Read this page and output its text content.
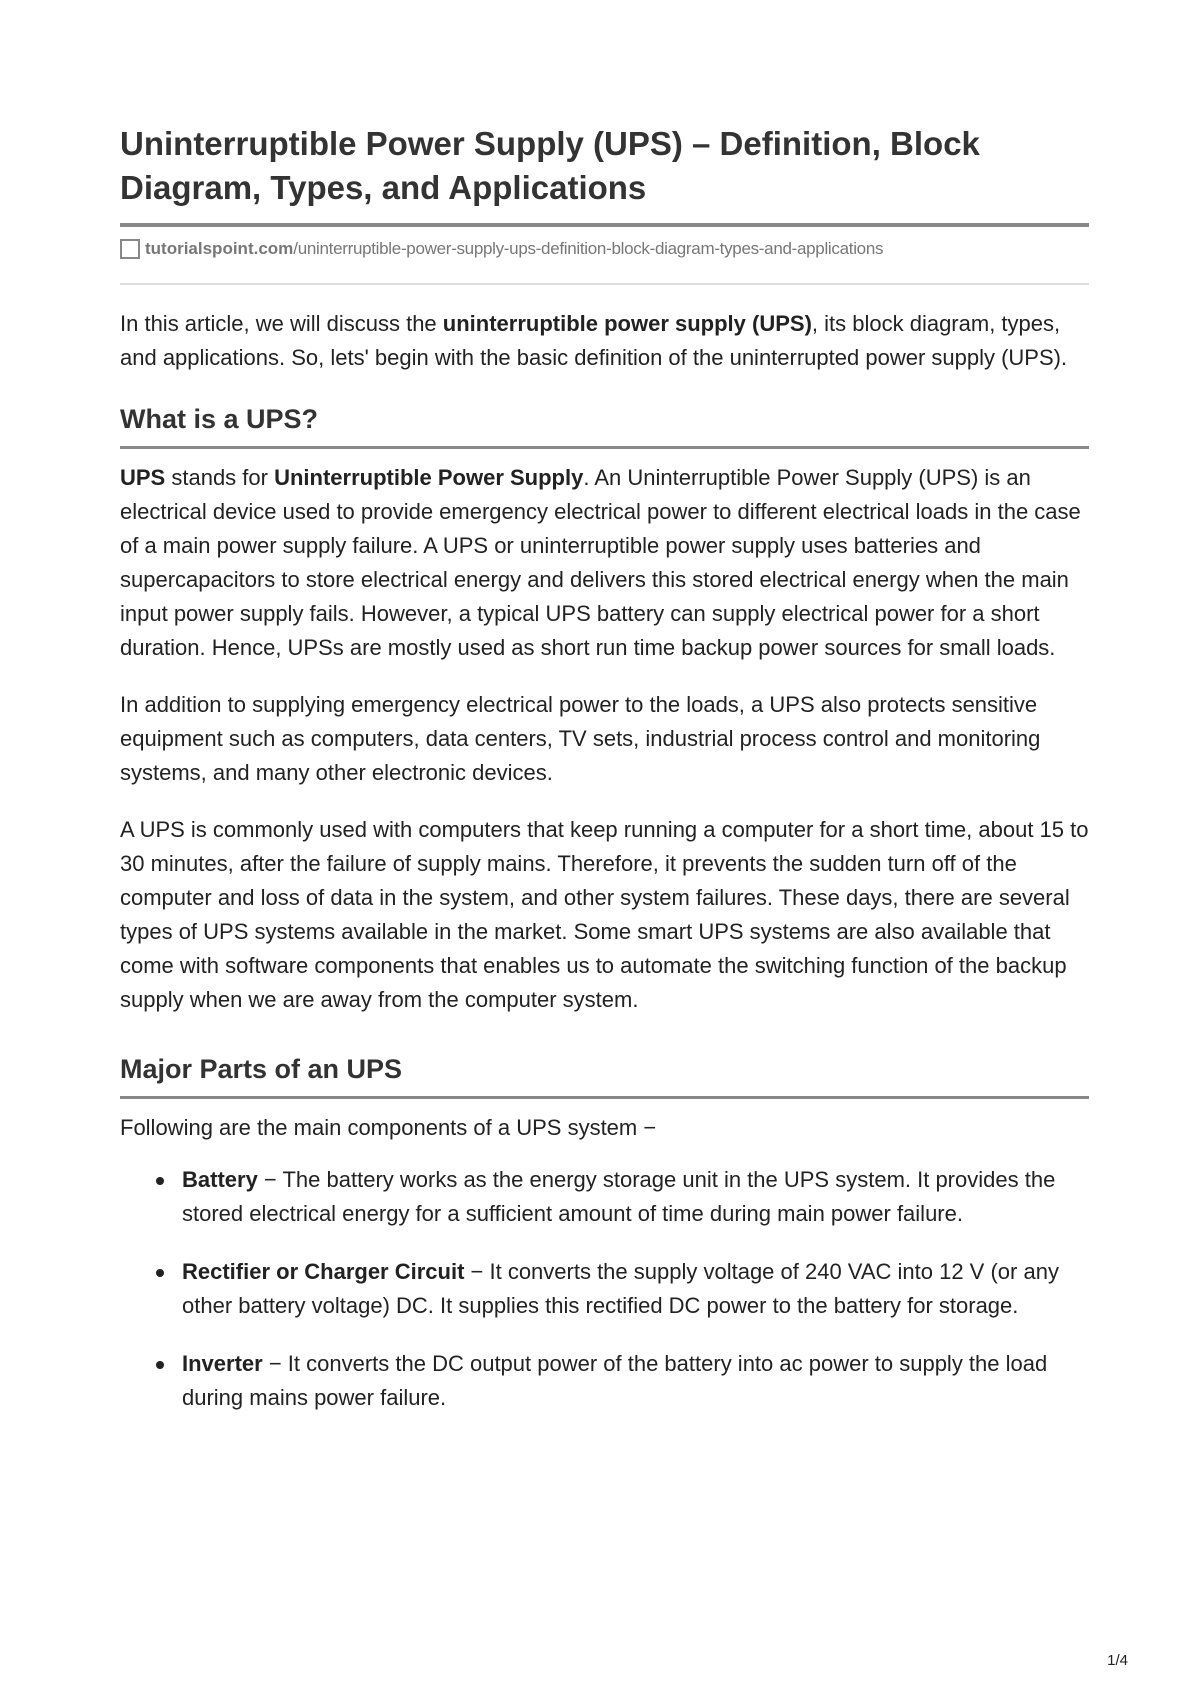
Uninterruptible Power Supply (UPS) – Definition, Block Diagram, Types, and Applications
tutorialspoint.com /uninterruptible-power-supply-ups-definition-block-diagram-types-and-applications

In this article, we will discuss the uninterruptible power supply (UPS), its block diagram, types, and applications. So, lets' begin with the basic definition of the uninterrupted power supply (UPS).

What is a UPS?

UPS stands for Uninterruptible Power Supply. An Uninterruptible Power Supply (UPS) is an electrical device used to provide emergency electrical power to different electrical loads in the case of a main power supply failure. A UPS or uninterruptible power supply uses batteries and supercapacitors to store electrical energy and delivers this stored electrical energy when the main input power supply fails. However, a typical UPS battery can supply electrical power for a short duration. Hence, UPSs are mostly used as short run time backup power sources for small loads.

In addition to supplying emergency electrical power to the loads, a UPS also protects sensitive equipment such as computers, data centers, TV sets, industrial process control and monitoring systems, and many other electronic devices.

A UPS is commonly used with computers that keep running a computer for a short time, about 15 to 30 minutes, after the failure of supply mains. Therefore, it prevents the sudden turn off of the computer and loss of data in the system, and other system failures. These days, there are several types of UPS systems available in the market. Some smart UPS systems are also available that come with software components that enables us to automate the switching function of the backup supply when we are away from the computer system.

Major Parts of an UPS

Following are the main components of a UPS system −

Battery − The battery works as the energy storage unit in the UPS system. It provides the stored electrical energy for a sufficient amount of time during main power failure.
Rectifier or Charger Circuit − It converts the supply voltage of 240 VAC into 12 V (or any other battery voltage) DC. It supplies this rectified DC power to the battery for storage.
Inverter − It converts the DC output power of the battery into ac power to supply the load during mains power failure.
1/4
